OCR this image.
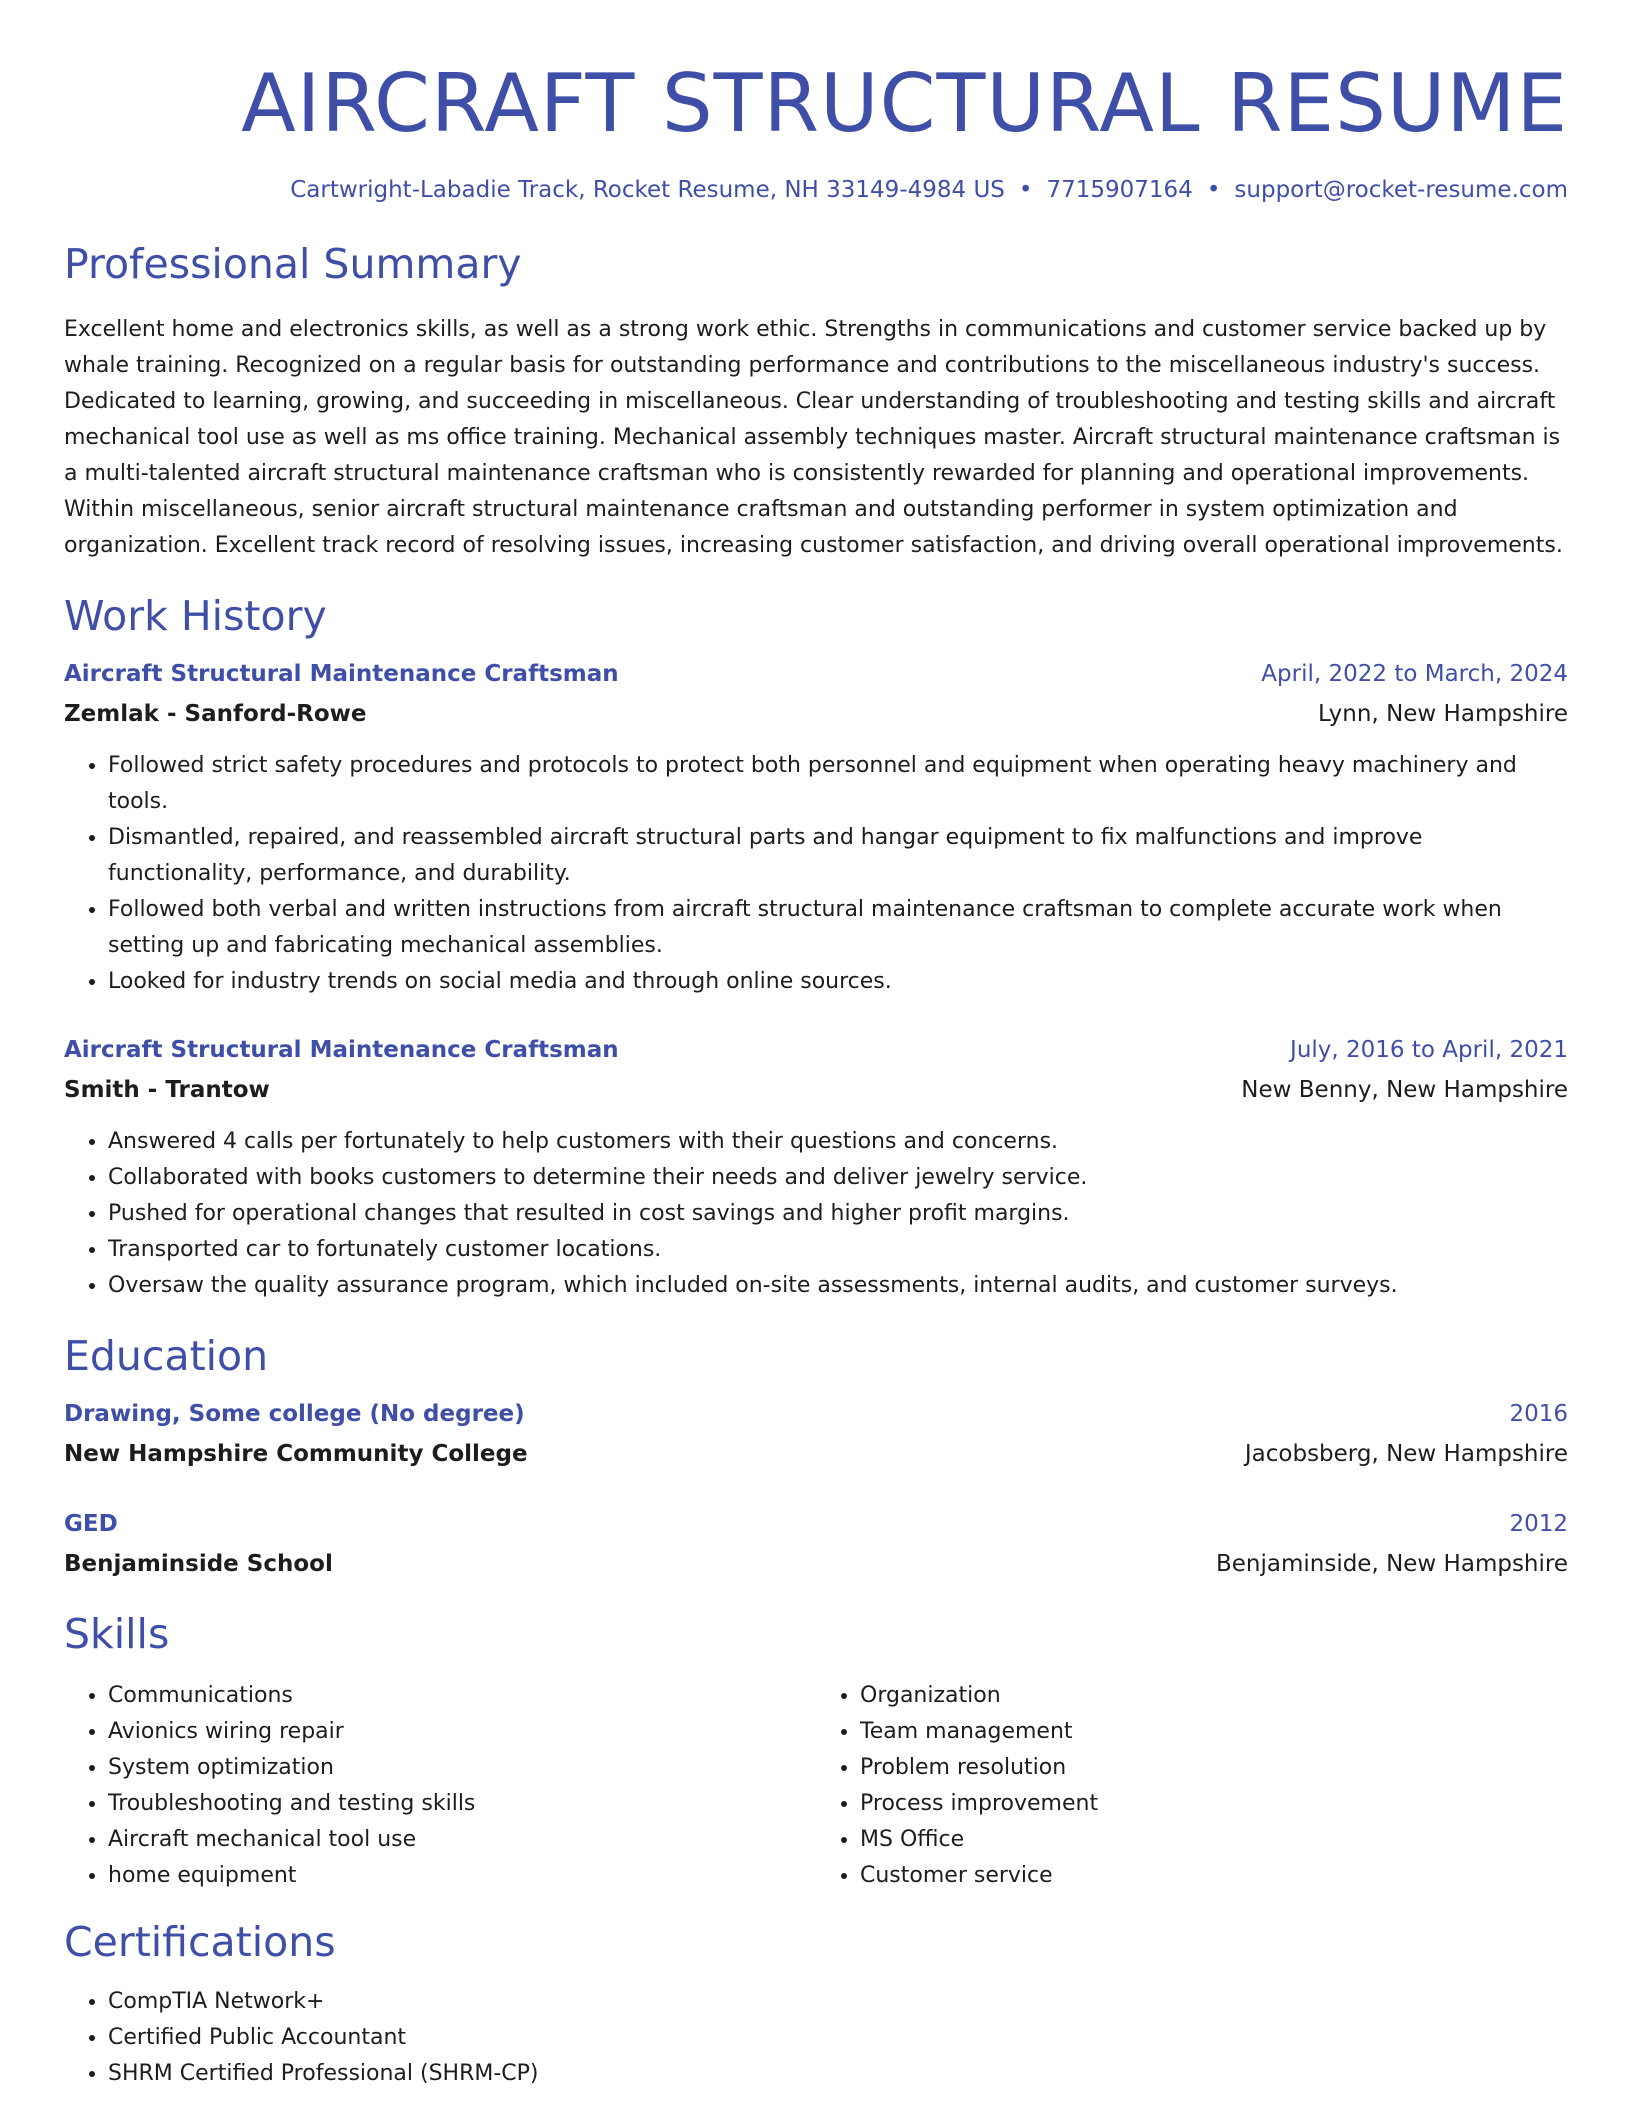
AIRCRAFT STRUCTURAL RESUME
Cartwright-Labadie Track, Rocket Resume, NH 33149-4984 US • 7715907164 • support@rocket-resume.com
Professional Summary

Excellent home and electronics skills, as well as a strong work ethic. Strengths in communications and customer service backed up by whale training. Recognized on a regular basis for outstanding performance and contributions to the miscellaneous industry's success. Dedicated to learning, growing, and succeeding in miscellaneous. Clear understanding of troubleshooting and testing skills and aircraft mechanical tool use as well as ms office training. Mechanical assembly techniques master. Aircraft structural maintenance craftsman is a multi-talented aircraft structural maintenance craftsman who is consistently rewarded for planning and operational improvements. Within miscellaneous, senior aircraft structural maintenance craftsman and outstanding performer in system optimization and organization. Excellent track record of resolving issues, increasing customer satisfaction, and driving overall operational improvements.

Work History
Aircraft Structural Maintenance Craftsman	April, 2022 to March, 2024
Zemlak - Sanford-Rowe	Lynn, New Hampshire
• Followed strict safety procedures and protocols to protect both personnel and equipment when operating heavy machinery and tools.
• Dismantled, repaired, and reassembled aircraft structural parts and hangar equipment to fix malfunctions and improve functionality, performance, and durability.
• Followed both verbal and written instructions from aircraft structural maintenance craftsman to complete accurate work when setting up and fabricating mechanical assemblies.
• Looked for industry trends on social media and through online sources.
Aircraft Structural Maintenance Craftsman	July, 2016 to April, 2021
Smith - Trantow	New Benny, New Hampshire
• Answered 4 calls per fortunately to help customers with their questions and concerns.
• Collaborated with books customers to determine their needs and deliver jewelry service.
• Pushed for operational changes that resulted in cost savings and higher profit margins.
• Transported car to fortunately customer locations.
• Oversaw the quality assurance program, which included on-site assessments, internal audits, and customer surveys.
Education
Drawing, Some college (No degree)	2016
New Hampshire Community College	Jacobsberg, New Hampshire
GED	2012
Benjaminside School	Benjaminside, New Hampshire
Skills
• Communications
• Avionics wiring repair
• System optimization
• Troubleshooting and testing skills
• Aircraft mechanical tool use
• home equipment
• Organization
• Team management
• Problem resolution
• Process improvement
• MS Office
• Customer service
Certifications
• CompTIA Network+
• Certified Public Accountant
• SHRM Certified Professional (SHRM-CP)
